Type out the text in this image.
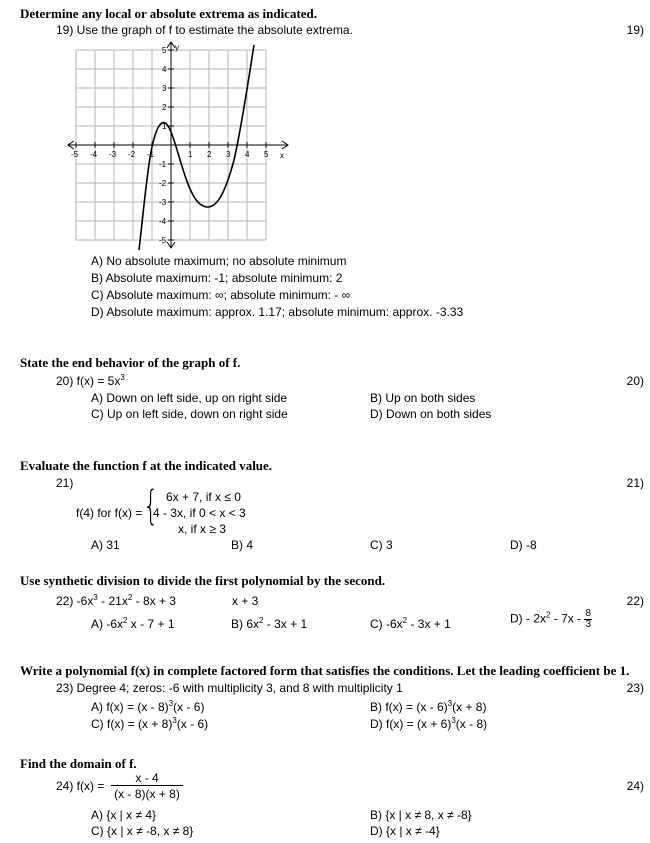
Determine any local or absolute extrema as indicated.
19) Use the graph of f to estimate the absolute extrema.	19)
-5 -4 -3 -2 -1	1 2 3 4 5 x
5
4
3
2
1
-1
-2
-3
-4
-5
y
A) No absolute maximum; no absolute minimum
B) Absolute maximum: -1; absolute minimum: 2
C) Absolute maximum: ∞; absolute minimum: - ∞
D) Absolute maximum: approx. 1.17; absolute minimum: approx. -3.33
State the end behavior of the graph of f.
20) $f(x) = 5x^3$	20)
A) Down on left side, up on right side	B) Up on both sides
C) Up on left side, down on right side	D) Down on both sides
Evaluate the function f at the indicated value.
21)	21)
f(4) for f(x) = { 6x + 7, if x ≤ 0
4 - 3x, if 0 < x < 3
x, if x ≥ 3
A) 31	B) 4	C) 3	D) -8
Use synthetic division to divide the first polynomial by the second.
22) $-6x^3 - 21x^2 - 8x + 3$	x + 3	22)
A) $-6x^2$ x - 7 + 1	B) $6x^2 - 3x + 1$	C) $-6x^2 - 3x + 1$	$D) - 2x^2 - 7x - \frac{8}{3}$
Write a polynomial f(x) in complete factored form that satisfies the conditions. Let the leading coefficient be 1.
23) Degree 4; zeros: -6 with multiplicity 3, and 8 with multiplicity 1	23)
A) f(x) = (x - 8)$^3$(x - 6)	B) f(x) = (x - 6)$^3$(x + 8)
C) $f(x) = (x + 8)^3(x - 6)$	D) $f(x) = (x + 6)^3(x - 8)$
Find the domain of f.
24) f(x) =
x - 4
(x - 8)(x + 8)
24)
A) {x | x ≠ 4}	B) {x | x ≠ 8, x ≠ -8}
C) {x | x ≠ -8, x ≠ 8}	D) {x | x ≠ -4}
